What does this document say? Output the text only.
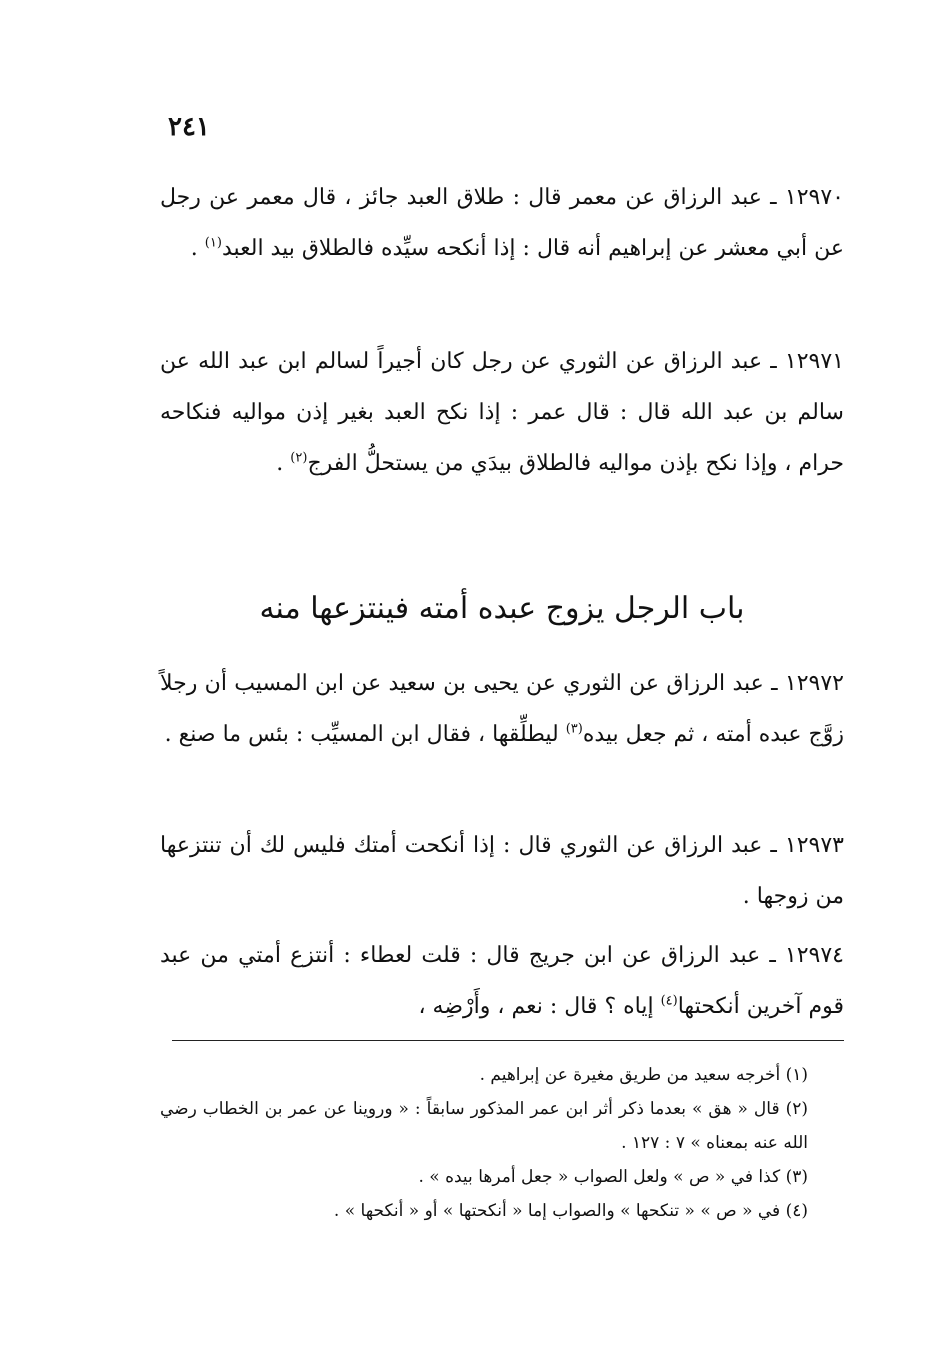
٢٤١

١٢٩٧٠ ـ عبد الرزاق عن معمر قال : طلاق العبد جائز ، قال معمر عن رجل عن أبي معشر عن إبراهيم أنه قال : إذا أنكحه سيِّده فالطلاق بيد العبد$^{(١)}$ .

١٢٩٧١ ـ عبد الرزاق عن الثوري عن رجل كان أجيراً لسالم ابن عبد الله عن سالم بن عبد الله قال : قال عمر : إذا نكح العبد بغير إذن مواليه فنكاحه حرام ، وإذا نكح بإذن مواليه فالطلاق بيدَي من يستحلُّ الفرج$^{(٢)}$ .

باب الرجل يزوج عبده أمته فينتزعها منه

١٢٩٧٢ ـ عبد الرزاق عن الثوري عن يحيى بن سعيد عن ابن المسيب أن رجلاً زوَّج عبده أمته ، ثم جعل بيده$^{(٣)}$ ليطلِّقها ، فقال ابن المسيِّب : بئس ما صنع .

١٢٩٧٣ ـ عبد الرزاق عن الثوري قال : إذا أنكحت أمتك فليس لك أن تنتزعها من زوجها .

١٢٩٧٤ ـ عبد الرزاق عن ابن جريج قال : قلت لعطاء : أنتزع أمتي من عبد قوم آخرين أنكحتها$^{(٤)}$ إياه ؟ قال : نعم ، وأَرْضِه ،

(١) أخرجه سعيد من طريق مغيرة عن إبراهيم .

(٢) قال « هق » بعدما ذكر أثر ابن عمر المذكور سابقاً : « وروينا عن عمر بن الخطاب رضي الله عنه بمعناه » ٧ : ١٢٧ .

(٣) كذا في « ص » ولعل الصواب « جعل أمرها بيده » .

(٤) في « ص » « تنكحها » والصواب إما « أنكحتها » أو « أنكحها » .
